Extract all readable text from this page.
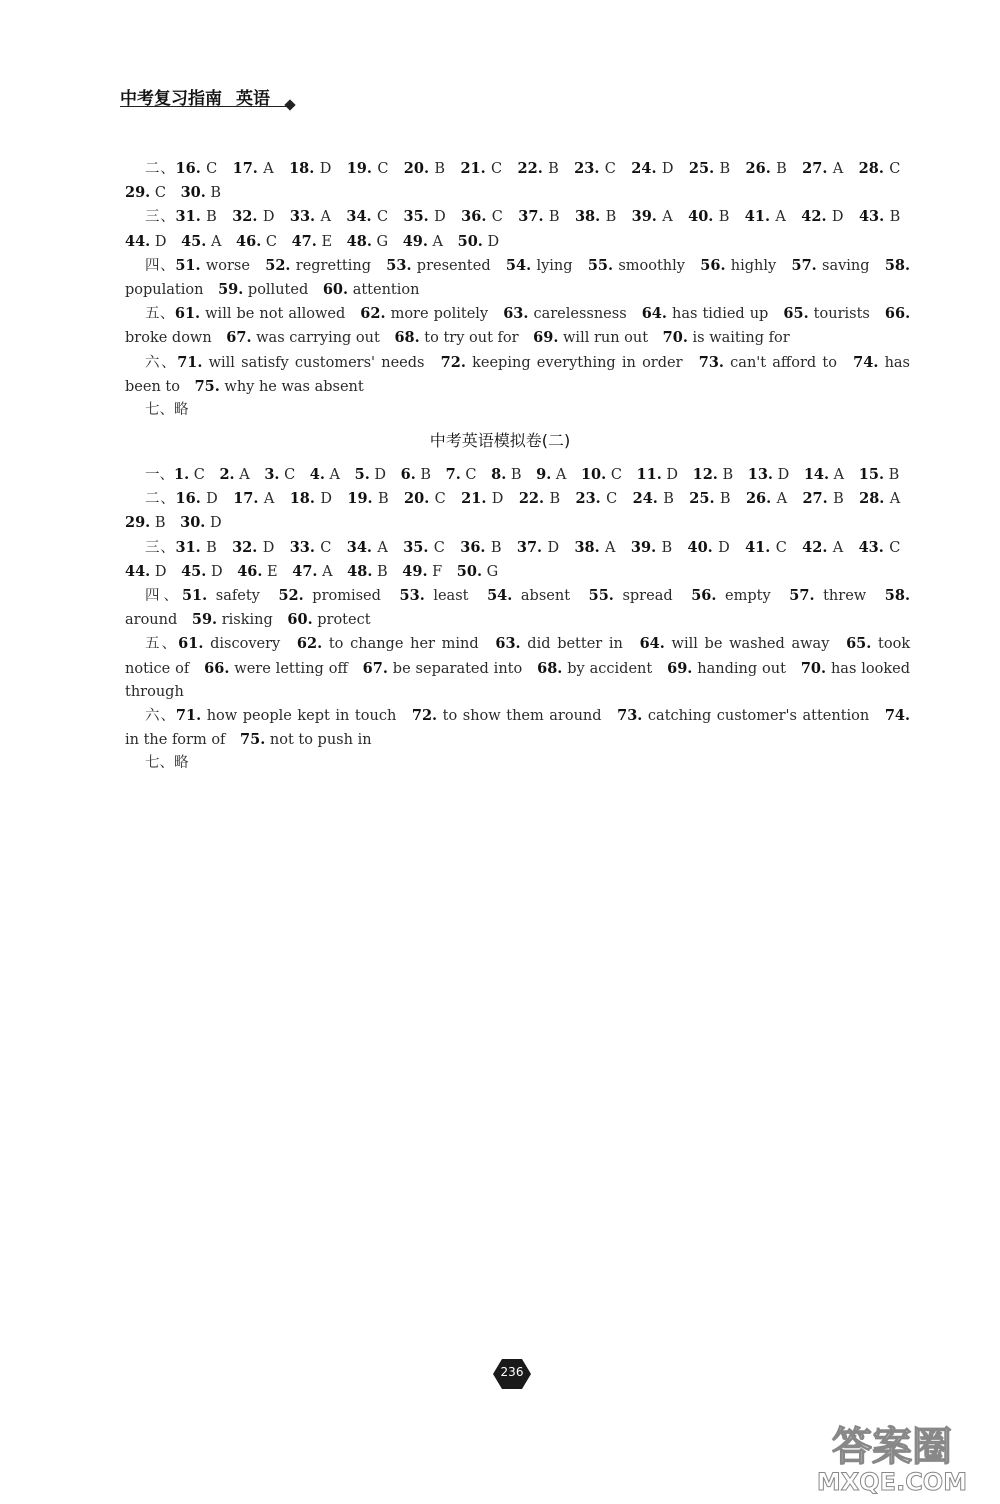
中考复习指南 英语

二、16. C 17. A 18. D 19. C 20. B 21. C 22. B 23. C 24. D 25. B 26. B 27. A 28. C 29. C 30. B

三、31. B 32. D 33. A 34. C 35. D 36. C 37. B 38. B 39. A 40. B 41. A 42. D 43. B 44. D 45. A 46. C 47. E 48. G 49. A 50. D

四、51. worse 52. regretting 53. presented 54. lying 55. smoothly 56. highly 57. saving 58. population 59. polluted 60. attention

五、61. will be not allowed 62. more politely 63. carelessness 64. has tidied up 65. tourists 66. broke down 67. was carrying out 68. to try out for 69. will run out 70. is waiting for

六、71. will satisfy customers' needs 72. keeping everything in order 73. can't afford to 74. has been to 75. why he was absent

七、略

中考英语模拟卷(二)

一、1. C 2. A 3. C 4. A 5. D 6. B 7. C 8. B 9. A 10. C 11. D 12. B 13. D 14. A 15. B

二、16. D 17. A 18. D 19. B 20. C 21. D 22. B 23. C 24. B 25. B 26. A 27. B 28. A 29. B 30. D

三、31. B 32. D 33. C 34. A 35. C 36. B 37. D 38. A 39. B 40. D 41. C 42. A 43. C 44. D 45. D 46. E 47. A 48. B 49. F 50. G

四、51. safety 52. promised 53. least 54. absent 55. spread 56. empty 57. threw 58. around 59. risking 60. protect

五、61. discovery 62. to change her mind 63. did better in 64. will be washed away 65. took notice of 66. were letting off 67. be separated into 68. by accident 69. handing out 70. has looked through

六、71. how people kept in touch 72. to show them around 73. catching customer's attention 74. in the form of 75. not to push in

七、略

236
答案圈
MXQE.COM
